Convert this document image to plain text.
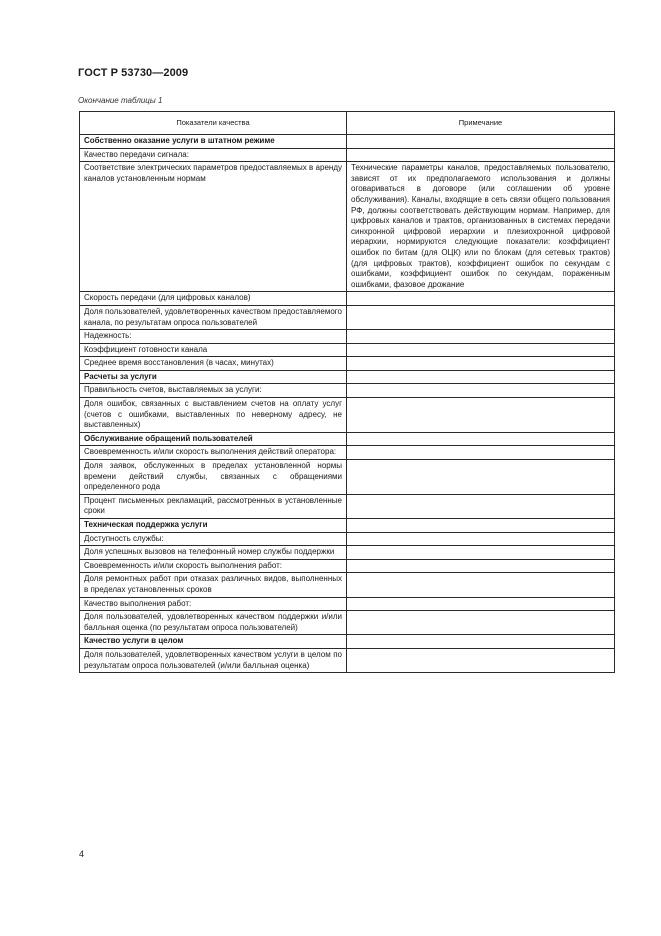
ГОСТ Р 53730—2009
Окончание таблицы 1
Показатели качества	Примечание
Собственно оказание услуги в штатном режиме	
Качество передачи сигнала:	
Соответствие электрических параметров предоставляемых в аренду каналов установленным нормам	Технические параметры каналов, предоставляемых пользователю, зависят от их предполагаемого использования и должны оговариваться в договоре (или соглашении об уровне обслуживания). Каналы, входящие в сеть связи общего пользования РФ, должны соответствовать действующим нормам. Например, для цифровых каналов и трактов, организованных в системах передачи синхронной цифровой иерархии и плезиохронной цифровой иерархии, нормируются следующие показатели: коэффициент ошибок по битам (для ОЦК) или по блокам (для сетевых трактов) (для цифровых трактов), коэффициент ошибок по секундам с ошибками, коэффициент ошибок по секундам, пораженным ошибками, фазовое дрожание
Скорость передачи (для цифровых каналов)	
Доля пользователей, удовлетворенных качеством предоставляемого канала, по результатам опроса пользователей	
Надежность:	
Коэффициент готовности канала	
Среднее время восстановления (в часах, минутах)	
Расчеты за услуги	
Правильность счетов, выставляемых за услуги:	
Доля ошибок, связанных с выставлением счетов на оплату услуг (счетов с ошибками, выставленных по неверному адресу, не выставленных)	
Обслуживание обращений пользователей	
Своевременность и/или скорость выполнения действий оператора:	
Доля заявок, обслуженных в пределах установленной нормы времени действий службы, связанных с обращениями определенного рода	
Процент письменных рекламаций, рассмотренных в установленные сроки	
Техническая поддержка услуги	
Доступность службы:	
Доля успешных вызовов на телефонный номер службы поддержки	
Своевременность и/или скорость выполнения работ:	
Доля ремонтных работ при отказах различных видов, выполненных в пределах установленных сроков	
Качество выполнения работ:	
Доля пользователей, удовлетворенных качеством поддержки и/или балльная оценка (по результатам опроса пользователей)	
Качество услуги в целом	
Доля пользователей, удовлетворенных качеством услуги в целом по результатам опроса пользователей (и/или балльная оценка)	
4
